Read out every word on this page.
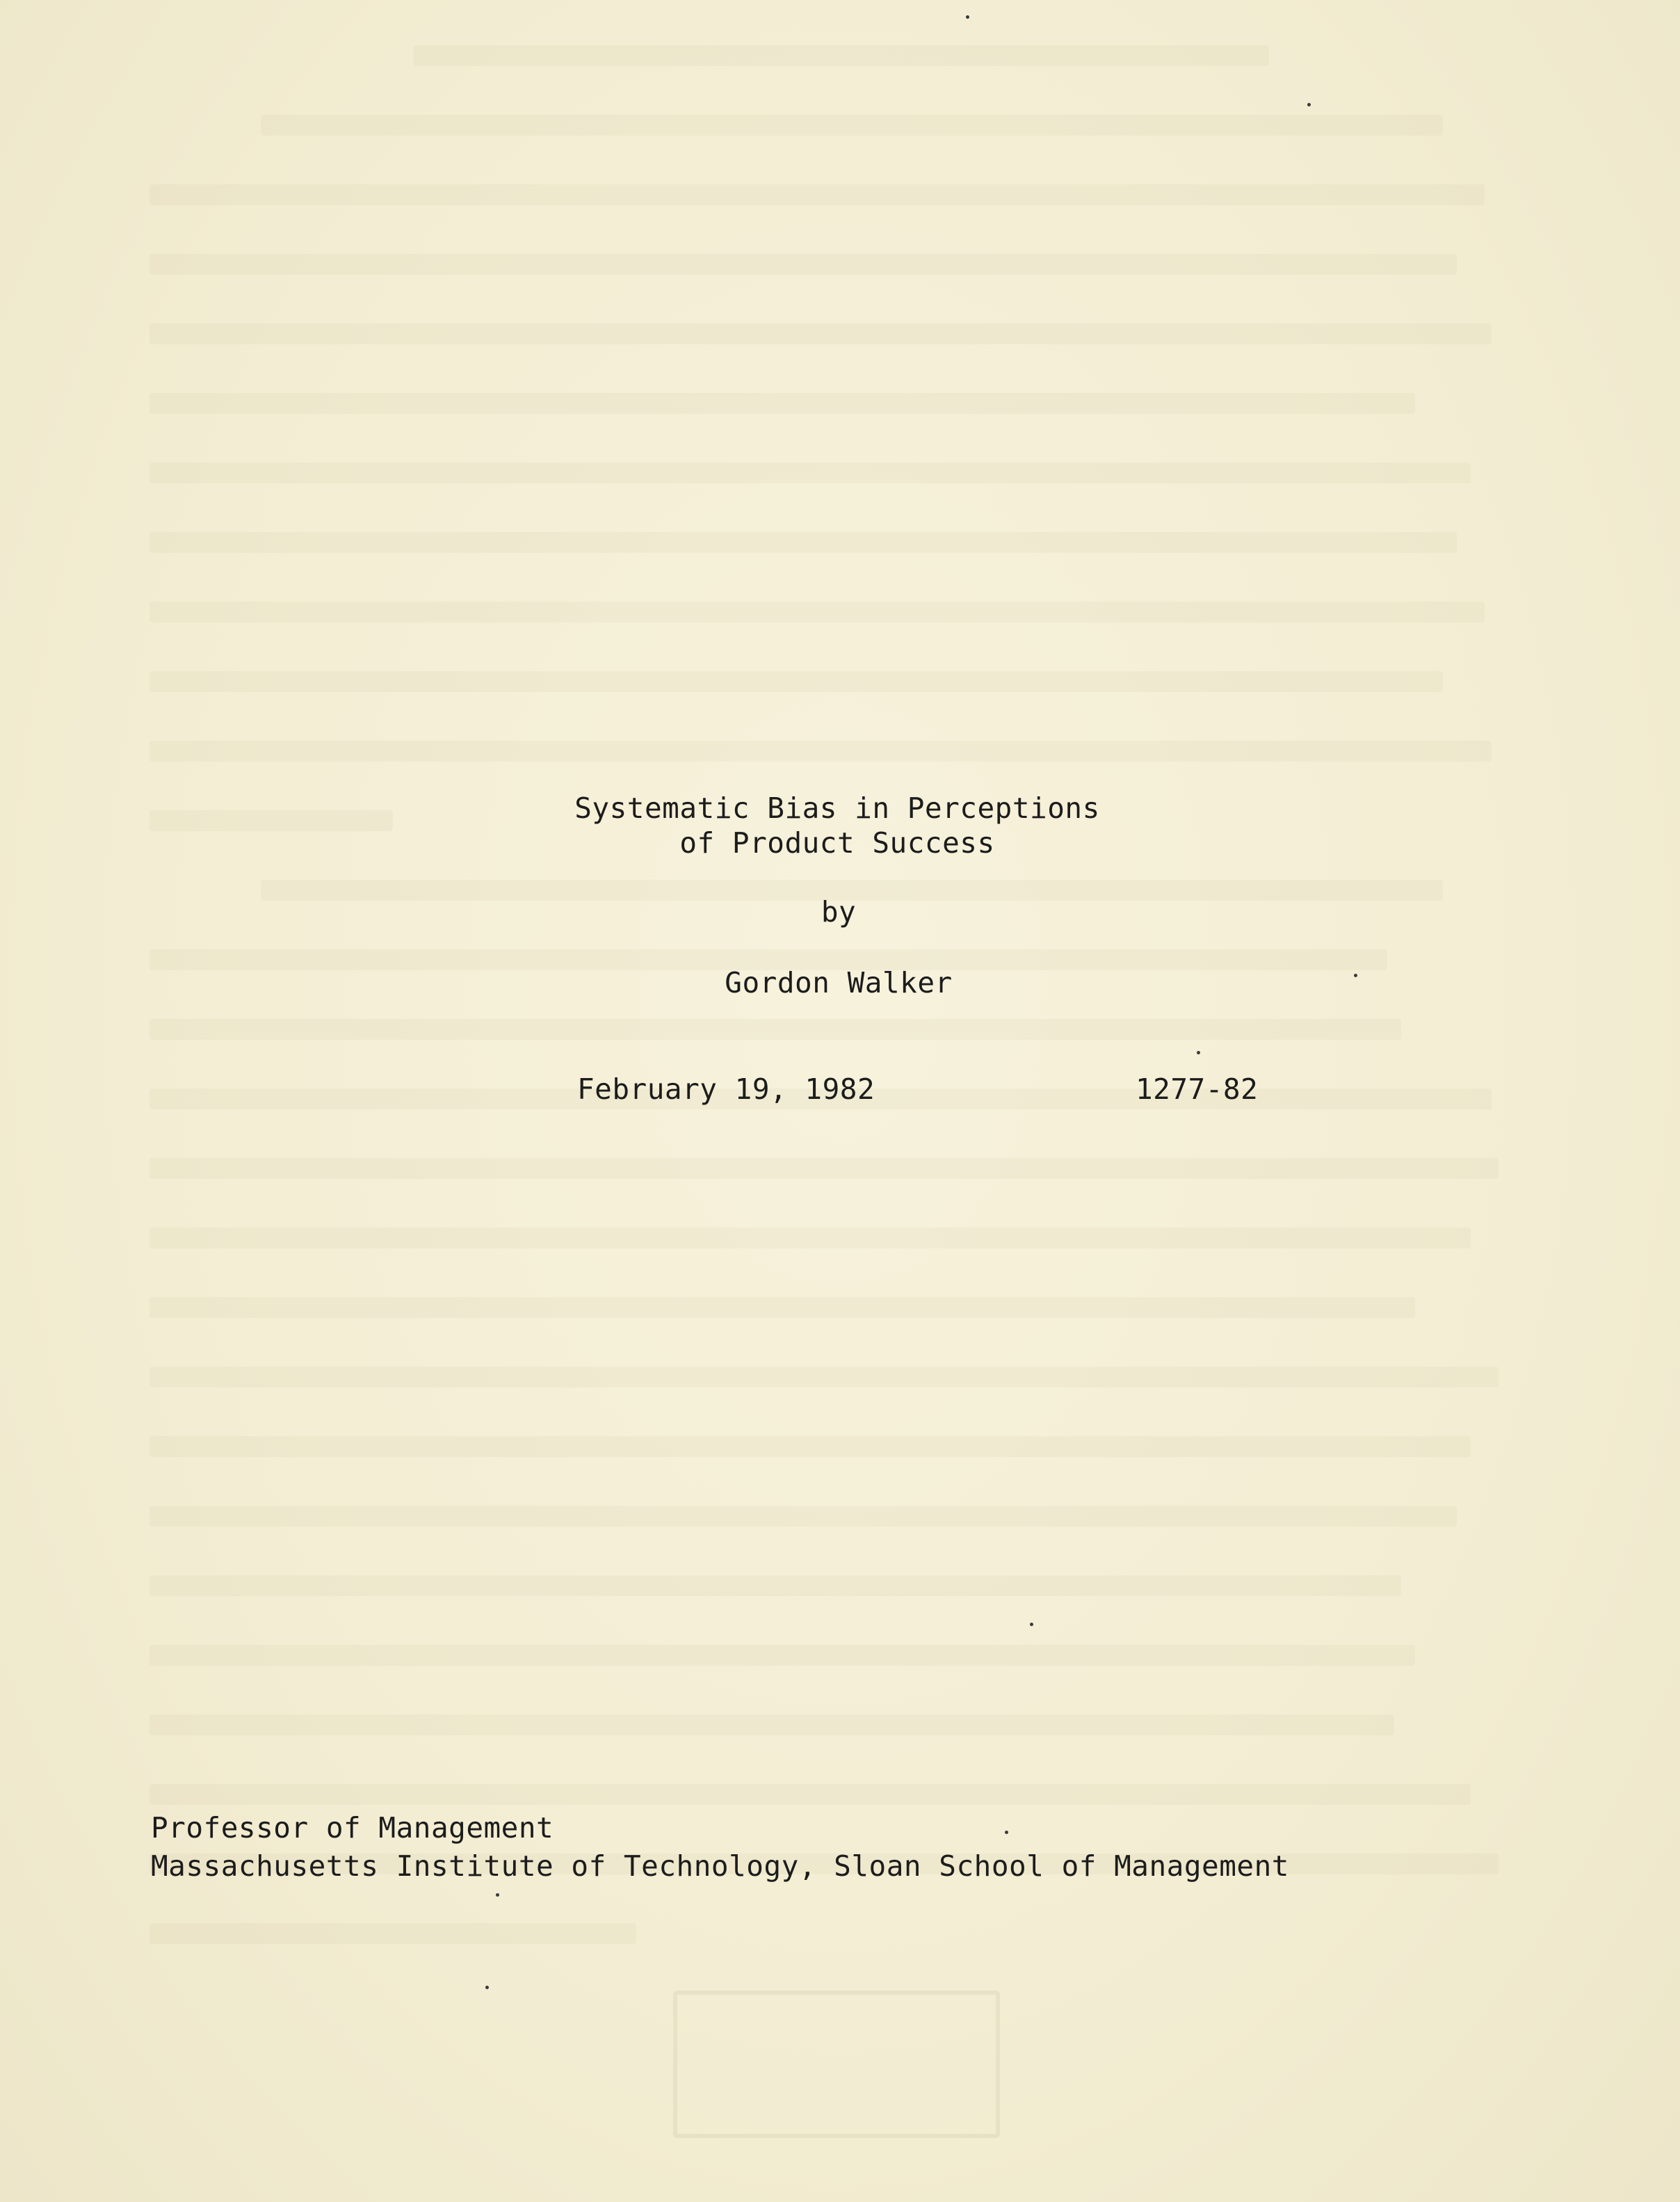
Systematic Bias in Perceptions
of Product Success
by
Gordon Walker
February 19, 1982	1277-82
Professor of Management
Massachusetts Institute of Technology, Sloan School of Management
